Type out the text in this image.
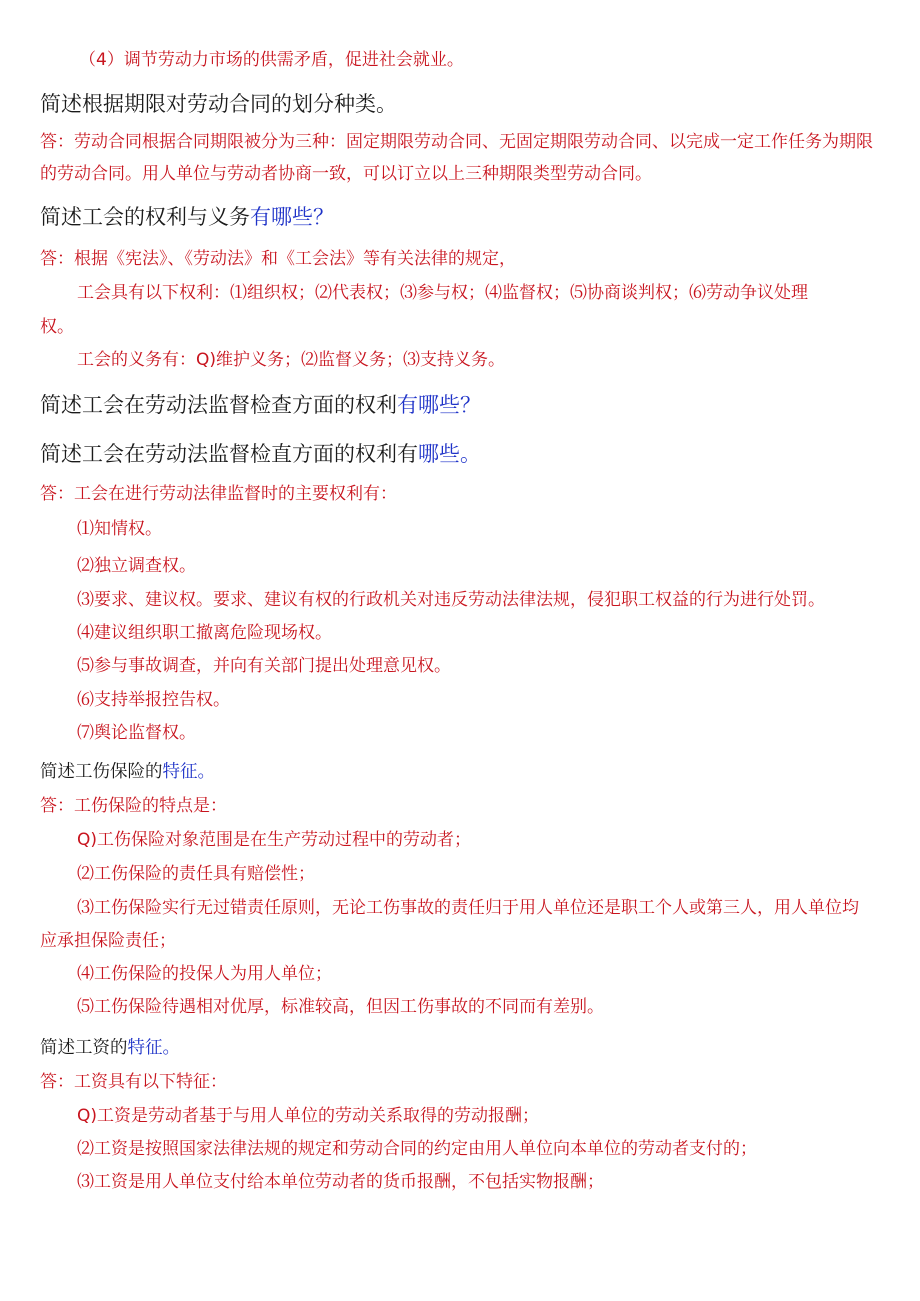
（4）调节劳动力市场的供需矛盾，促进社会就业。
简述根据期限对劳动合同的划分种类。
答：劳动合同根据合同期限被分为三种：固定期限劳动合同、无固定期限劳动合同、以完成一定工作任务为期限
的劳动合同。用人单位与劳动者协商一致，可以订立以上三种期限类型劳动合同。
简述工会的权利与义务有哪些？
答：根据《宪法》、《劳动法》和《工会法》等有关法律的规定，
工会具有以下权利：⑴组织权；⑵代表权；⑶参与权；⑷监督权；⑸协商谈判权；⑹劳动争议处理
权。
工会的义务有：Q)维护义务；⑵监督义务；⑶支持义务。
简述工会在劳动法监督检查方面的权利有哪些？
简述工会在劳动法监督检直方面的权利有哪些。
答：工会在进行劳动法律监督时的主要权利有：
⑴知情权。
⑵独立调查权。
⑶要求、建议权。要求、建议有权的行政机关对违反劳动法律法规，侵犯职工权益的行为进行处罚。
⑷建议组织职工撤离危险现场权。
⑸参与事故调查，并向有关部门提出处理意见权。
⑹支持举报控告权。
⑺舆论监督权。
简述工伤保险的特征。
答：工伤保险的特点是：
Q)工伤保险对象范围是在生产劳动过程中的劳动者；
⑵工伤保险的责任具有赔偿性；
⑶工伤保险实行无过错责任原则，无论工伤事故的责任归于用人单位还是职工个人或第三人，用人单位均
应承担保险责任；
⑷工伤保险的投保人为用人单位；
⑸工伤保险待遇相对优厚，标准较高，但因工伤事故的不同而有差别。
简述工资的特征。
答：工资具有以下特征：
Q)工资是劳动者基于与用人单位的劳动关系取得的劳动报酬；
⑵工资是按照国家法律法规的规定和劳动合同的约定由用人单位向本单位的劳动者支付的；
⑶工资是用人单位支付给本单位劳动者的货币报酬，不包括实物报酬；
